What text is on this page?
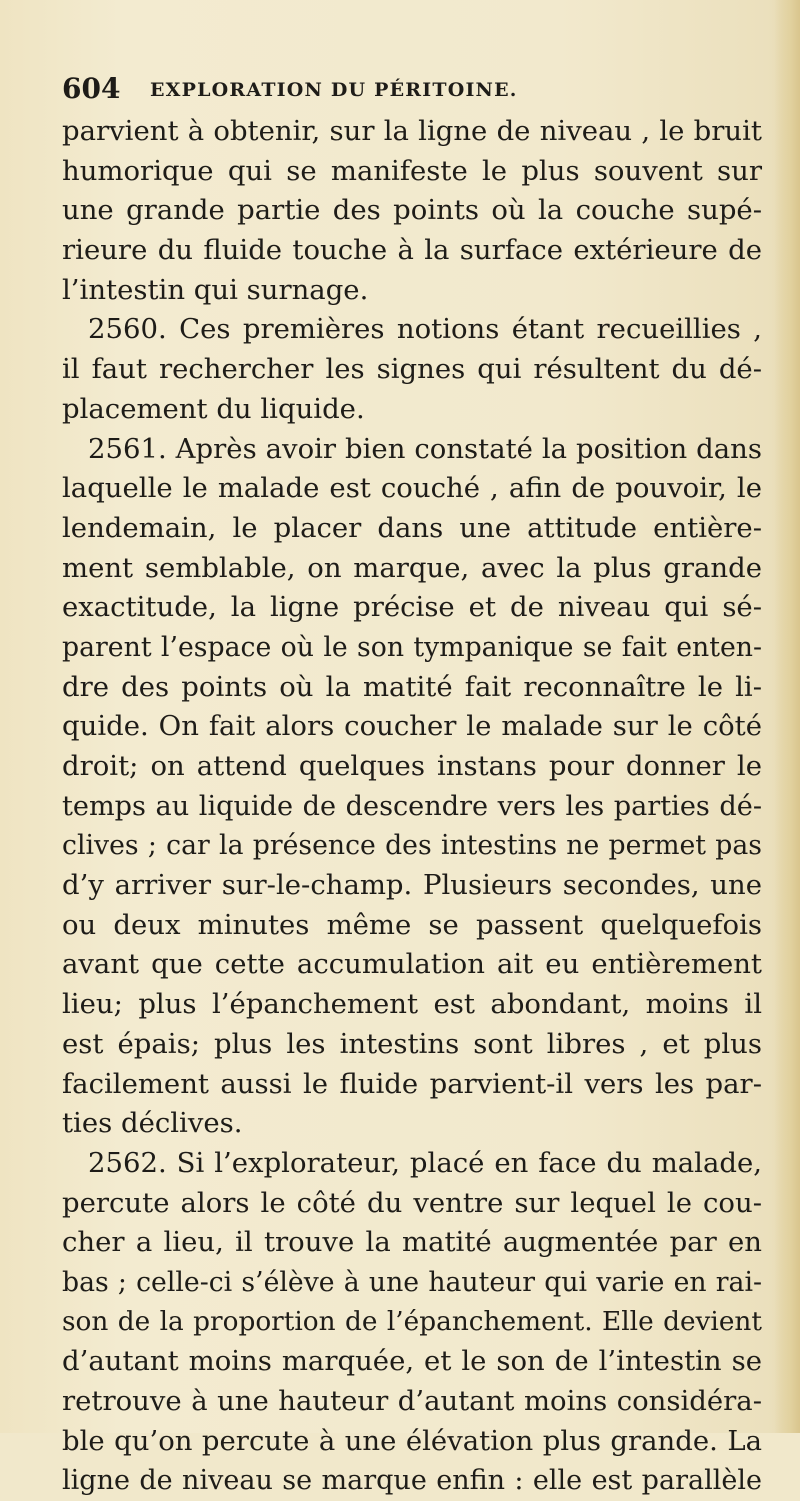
604 EXPLORATION DU PÉRITOINE.
parvient à obtenir, sur la ligne de niveau , le bruit
humorique qui se manifeste le plus souvent sur
une grande partie des points où la couche supé-
rieure du fluide touche à la surface extérieure de
l’intestin qui surnage.
2560. Ces premières notions étant recueillies ,
il faut rechercher les signes qui résultent du dé-
placement du liquide.
2561. Après avoir bien constaté la position dans
laquelle le malade est couché , afin de pouvoir, le
lendemain, le placer dans une attitude entière-
ment semblable, on marque, avec la plus grande
exactitude, la ligne précise et de niveau qui sé-
parent l’espace où le son tympanique se fait enten-
dre des points où la matité fait reconnaître le li-
quide. On fait alors coucher le malade sur le côté
droit; on attend quelques instans pour donner le
temps au liquide de descendre vers les parties dé-
clives ; car la présence des intestins ne permet pas
d’y arriver sur-le-champ. Plusieurs secondes, une
ou deux minutes même se passent quelquefois
avant que cette accumulation ait eu entièrement
lieu; plus l’épanchement est abondant, moins il
est épais; plus les intestins sont libres , et plus
facilement aussi le fluide parvient-il vers les par-
ties déclives.
2562. Si l’explorateur, placé en face du malade,
percute alors le côté du ventre sur lequel le cou-
cher a lieu, il trouve la matité augmentée par en
bas ; celle-ci s’élève à une hauteur qui varie en rai-
son de la proportion de l’épanchement. Elle devient
d’autant moins marquée, et le son de l’intestin se
retrouve à une hauteur d’autant moins considéra-
ble qu’on percute à une élévation plus grande. La
ligne de niveau se marque enfin : elle est parallèle
